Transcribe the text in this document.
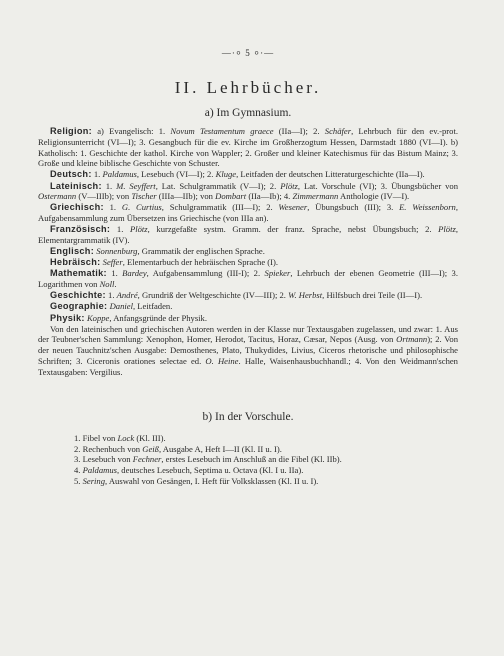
—·⸰ 5 ⸰·—
II. Lehrbücher.
a) Im Gymnasium.

Religion: a) Evangelisch: 1. Novum Testamentum graece (IIa—I); 2. Schäfer, Lehrbuch für den ev.-prot. Religionsunterricht (VI—I); 3. Gesangbuch für die ev. Kirche im Großherzogtum Hessen, Darmstadt 1880 (VI—I). b) Katholisch: 1. Geschichte der kathol. Kirche von Wappler; 2. Großer und kleiner Katechismus für das Bistum Mainz; 3. Große und kleine biblische Geschichte von Schuster.

Deutsch: 1. Paldamus, Lesebuch (VI—I); 2. Kluge, Leitfaden der deutschen Litteraturgeschichte (IIa—I).

Lateinisch: 1. M. Seyffert, Lat. Schulgrammatik (V—I); 2. Plötz, Lat. Vorschule (VI); 3. Übungsbücher von Ostermann (V—IIIb); von Tischer (IIIa—IIb); von Dombart (IIa—Ib); 4. Zimmermann Anthologie (IV—I).

Griechisch: 1. G. Curtius, Schulgrammatik (III—I); 2. Wesener, Übungsbuch (III); 3. E. Weissenborn, Aufgabensammlung zum Übersetzen ins Griechische (von IIIa an).

Französisch: 1. Plötz, kurzgefaßte systm. Gramm. der franz. Sprache, nebst Übungsbuch; 2. Plötz, Elementargrammatik (IV).

Englisch: Sonnenburg, Grammatik der englischen Sprache.

Hebräisch: Seffer, Elementarbuch der hebräischen Sprache (I).

Mathematik: 1. Bardey, Aufgabensammlung (III-I); 2. Spieker, Lehrbuch der ebenen Geometrie (III—I); 3. Logarithmen von Noll.

Geschichte: 1. André, Grundriß der Weltgeschichte (IV—III); 2. W. Herbst, Hilfsbuch drei Teile (II—I).

Geographie: Daniel, Leitfaden.

Physik: Koppe, Anfangsgründe der Physik.

Von den lateinischen und griechischen Autoren werden in der Klasse nur Textausgaben zugelassen, und zwar: 1. Aus der Teubner'schen Sammlung: Xenophon, Homer, Herodot, Tacitus, Horaz, Cæsar, Nepos (Ausg. von Ortmann); 2. Von der neuen Tauchnitz'schen Ausgabe: Demosthenes, Plato, Thukydides, Livius, Ciceros rhetorische und philosophische Schriften; 3. Ciceronis orationes selectae ed. O. Heine. Halle, Waisenhausbuchhandl.; 4. Von den Weidmann'schen Textausgaben: Vergilius.

b) In der Vorschule.
1. Fibel von Lock (Kl. III).
2. Rechenbuch von Geiß, Ausgabe A, Heft I—II (Kl. II u. I).
3. Lesebuch von Fechner, erstes Lesebuch im Anschluß an die Fibel (Kl. IIb).
4. Paldamus, deutsches Lesebuch, Septima u. Octava (Kl. I u. IIa).
5. Sering, Auswahl von Gesängen, I. Heft für Volksklassen (Kl. II u. I).
